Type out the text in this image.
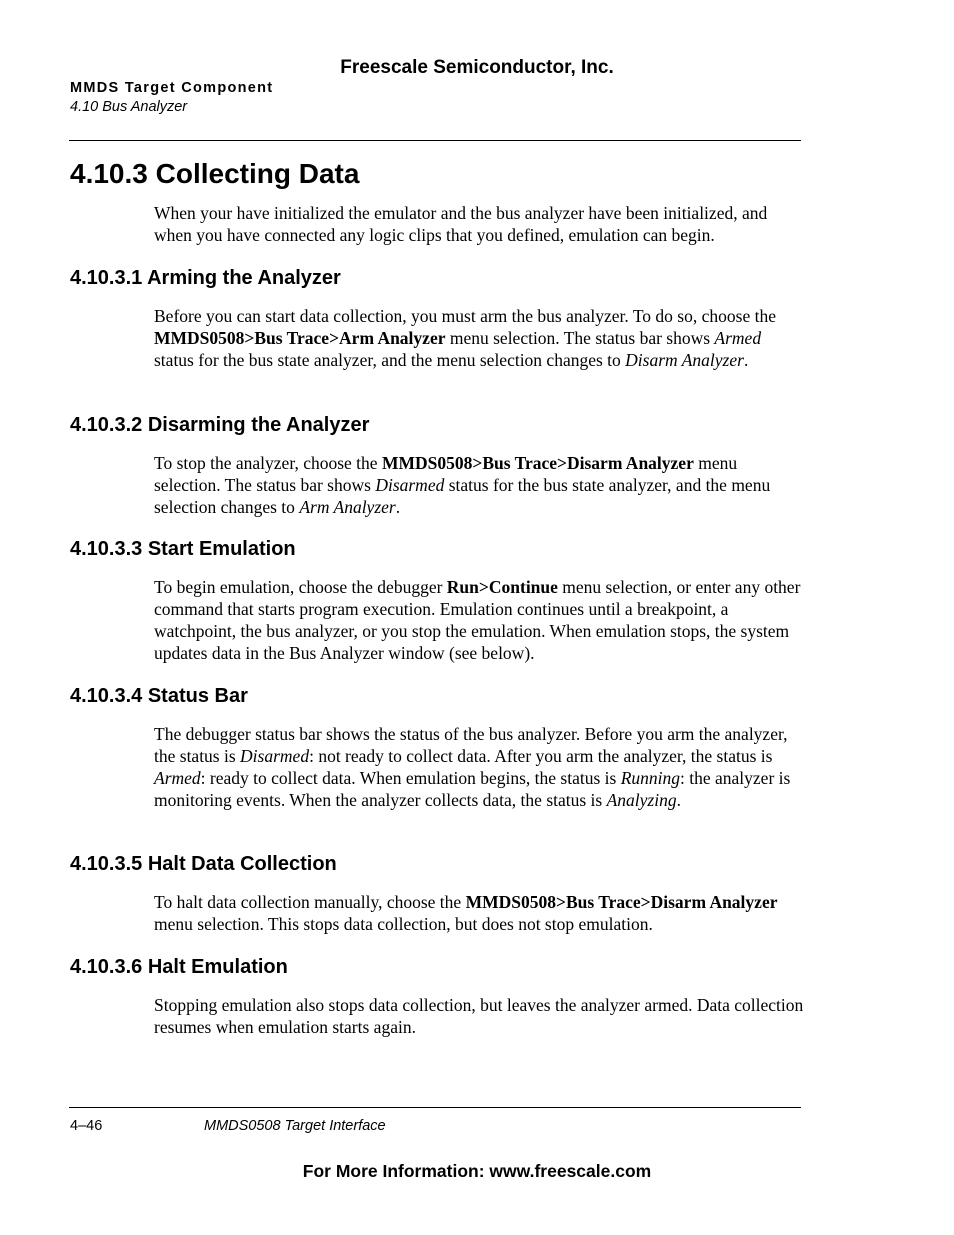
Freescale Semiconductor, Inc.
MMDS Target Component
4.10 Bus Analyzer
4.10.3 Collecting Data
When your have initialized the emulator and the bus analyzer have been initialized, and when you have connected any logic clips that you defined, emulation can begin.
4.10.3.1 Arming the Analyzer
Before you can start data collection, you must arm the bus analyzer. To do so, choose the MMDS0508>Bus Trace>Arm Analyzer menu selection. The status bar shows Armed status for the bus state analyzer, and the menu selection changes to Disarm Analyzer.
4.10.3.2 Disarming the Analyzer
To stop the analyzer, choose the MMDS0508>Bus Trace>Disarm Analyzer menu selection. The status bar shows Disarmed status for the bus state analyzer, and the menu selection changes to Arm Analyzer.
4.10.3.3 Start Emulation
To begin emulation, choose the debugger Run>Continue menu selection, or enter any other command that starts program execution. Emulation continues until a breakpoint, a watchpoint, the bus analyzer, or you stop the emulation. When emulation stops, the system updates data in the Bus Analyzer window (see below).
4.10.3.4 Status Bar
The debugger status bar shows the status of the bus analyzer. Before you arm the analyzer, the status is Disarmed: not ready to collect data. After you arm the analyzer, the status is Armed: ready to collect data. When emulation begins, the status is Running: the analyzer is monitoring events. When the analyzer collects data, the status is Analyzing.
4.10.3.5 Halt Data Collection
To halt data collection manually, choose the MMDS0508>Bus Trace>Disarm Analyzer menu selection. This stops data collection, but does not stop emulation.
4.10.3.6 Halt Emulation
Stopping emulation also stops data collection, but leaves the analyzer armed. Data collection resumes when emulation starts again.
4–46	MMDS0508 Target Interface
For More Information: www.freescale.com
